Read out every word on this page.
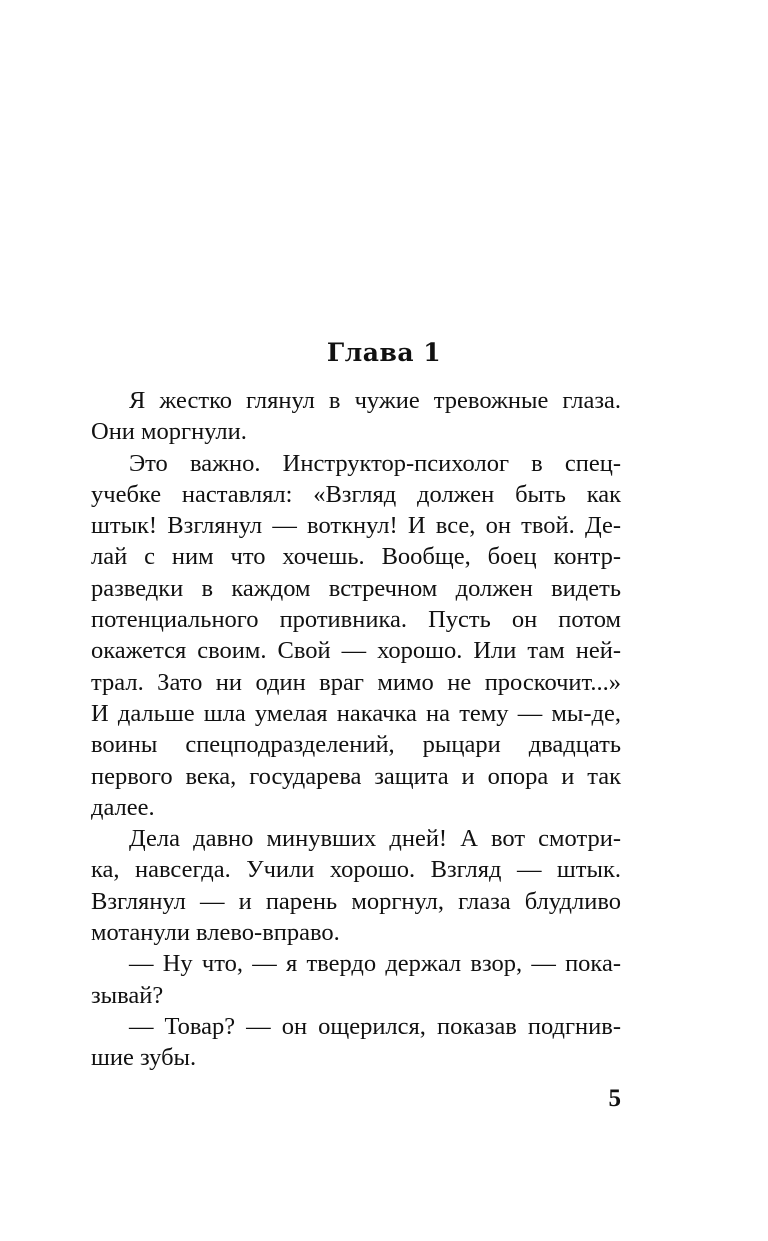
Глава 1
Я жестко глянул в чужие тревожные глаза.
Они моргнули.
Это важно. Инструктор-психолог в спец-
учебке наставлял: «Взгляд должен быть как
штык! Взглянул — воткнул! И все, он твой. Де-
лай с ним что хочешь. Вообще, боец контр-
разведки в каждом встречном должен видеть
потенциального противника. Пусть он потом
окажется своим. Свой — хорошо. Или там ней-
трал. Зато ни один враг мимо не проскочит...»
И дальше шла умелая накачка на тему — мы-де,
воины спецподразделений, рыцари двадцать
первого века, государева защита и опора и так
далее.
Дела давно минувших дней! А вот смотри-
ка, навсегда. Учили хорошо. Взгляд — штык.
Взглянул — и парень моргнул, глаза блудливо
мотанули влево-вправо.
— Ну что, — я твердо держал взор, — пока-
зывай?
— Товар? — он ощерился, показав подгнив-
шие зубы.
5
